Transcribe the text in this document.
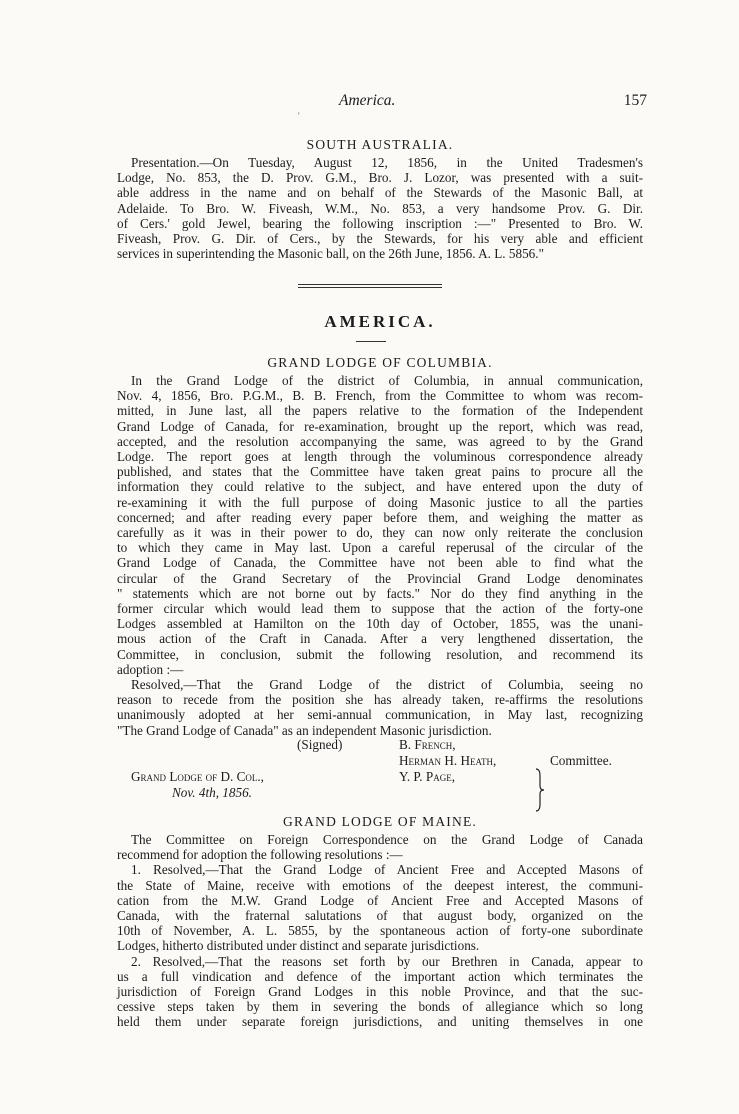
America.	157
'
SOUTH AUSTRALIA.
Presentation.—On Tuesday, August 12, 1856, in the United Tradesmen's
Lodge, No. 853, the D. Prov. G.M., Bro. J. Lozor, was presented with a suit-
able address in the name and on behalf of the Stewards of the Masonic Ball, at
Adelaide. To Bro. W. Fiveash, W.M., No. 853, a very handsome Prov. G. Dir.
of Cers.' gold Jewel, bearing the following inscription :—" Presented to Bro. W.
Fiveash, Prov. G. Dir. of Cers., by the Stewards, for his very able and efficient
services in superintending the Masonic ball, on the 26th June, 1856. A. L. 5856."
AMERICA.
GRAND LODGE OF COLUMBIA.
In the Grand Lodge of the district of Columbia, in annual communication,
Nov. 4, 1856, Bro. P.G.M., B. B. French, from the Committee to whom was recom-
mitted, in June last, all the papers relative to the formation of the Independent
Grand Lodge of Canada, for re-examination, brought up the report, which was read,
accepted, and the resolution accompanying the same, was agreed to by the Grand
Lodge. The report goes at length through the voluminous correspondence already
published, and states that the Committee have taken great pains to procure all the
information they could relative to the subject, and have entered upon the duty of
re-examining it with the full purpose of doing Masonic justice to all the parties
concerned; and after reading every paper before them, and weighing the matter as
carefully as it was in their power to do, they can now only reiterate the conclusion
to which they came in May last. Upon a careful reperusal of the circular of the
Grand Lodge of Canada, the Committee have not been able to find what the
circular of the Grand Secretary of the Provincial Grand Lodge denominates
" statements which are not borne out by facts." Nor do they find anything in the
former circular which would lead them to suppose that the action of the forty-one
Lodges assembled at Hamilton on the 10th day of October, 1855, was the unani-
mous action of the Craft in Canada. After a very lengthened dissertation, the
Committee, in conclusion, submit the following resolution, and recommend its
adoption :—
Resolved,—That the Grand Lodge of the district of Columbia, seeing no
reason to recede from the position she has already taken, re-affirms the resolutions
unanimously adopted at her semi-annual communication, in May last, recognizing
"The Grand Lodge of Canada" as an independent Masonic jurisdiction.
(Signed)	B. French,
Herman H. Heath,
Y. P. Page,
Committee.
Grand Lodge of D. Col.,
Nov. 4th, 1856.
GRAND LODGE OF MAINE.
The Committee on Foreign Correspondence on the Grand Lodge of Canada
recommend for adoption the following resolutions :—
1. Resolved,—That the Grand Lodge of Ancient Free and Accepted Masons of
the State of Maine, receive with emotions of the deepest interest, the communi-
cation from the M.W. Grand Lodge of Ancient Free and Accepted Masons of
Canada, with the fraternal salutations of that august body, organized on the
10th of November, A. L. 5855, by the spontaneous action of forty-one subordinate
Lodges, hitherto distributed under distinct and separate jurisdictions.
2. Resolved,—That the reasons set forth by our Brethren in Canada, appear to
us a full vindication and defence of the important action which terminates the
jurisdiction of Foreign Grand Lodges in this noble Province, and that the suc-
cessive steps taken by them in severing the bonds of allegiance which so long
held them under separate foreign jurisdictions, and uniting themselves in one
